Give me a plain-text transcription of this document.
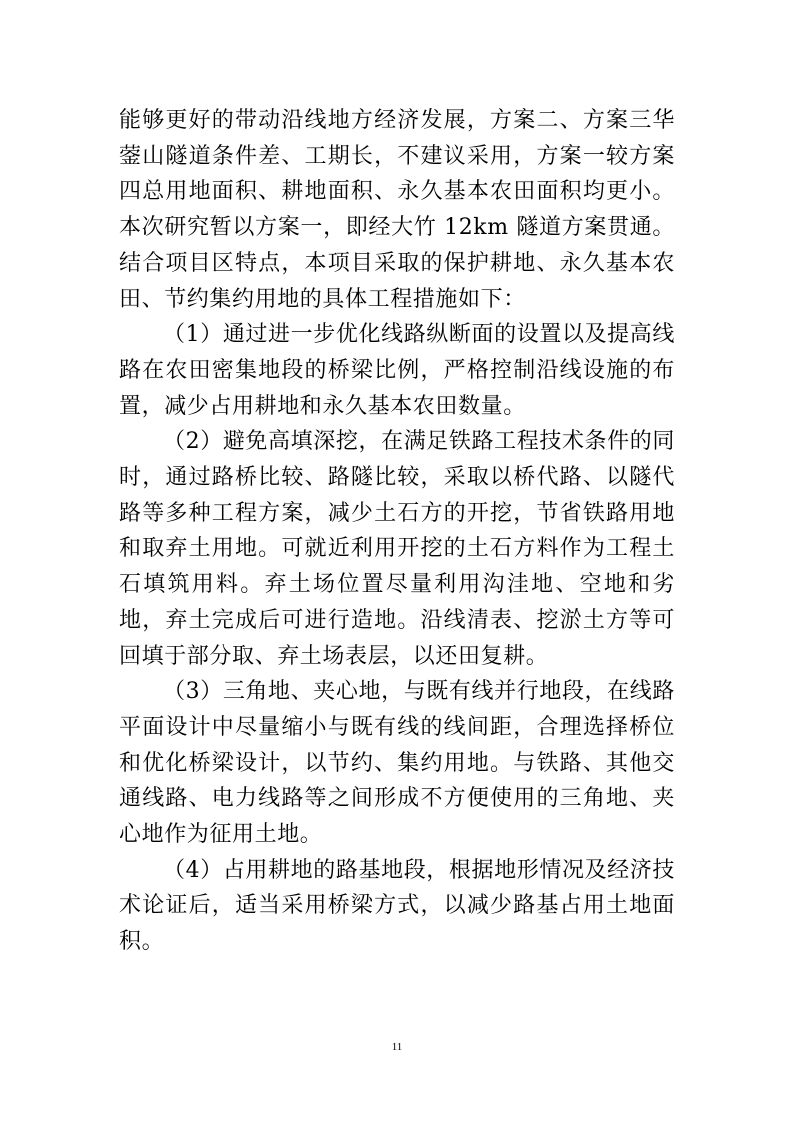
能够更好的带动沿线地方经济发展，方案二、方案三华蓥山隧道条件差、工期长，不建议采用，方案一较方案四总用地面积、耕地面积、永久基本农田面积均更小。本次研究暂以方案一，即经大竹 12km 隧道方案贯通。结合项目区特点，本项目采取的保护耕地、永久基本农田、节约集约用地的具体工程措施如下：

（1）通过进一步优化线路纵断面的设置以及提高线路在农田密集地段的桥梁比例，严格控制沿线设施的布置，减少占用耕地和永久基本农田数量。

（2）避免高填深挖，在满足铁路工程技术条件的同时，通过路桥比较、路隧比较，采取以桥代路、以隧代路等多种工程方案，减少土石方的开挖，节省铁路用地和取弃土用地。可就近利用开挖的土石方料作为工程土石填筑用料。弃土场位置尽量利用沟洼地、空地和劣地，弃土完成后可进行造地。沿线清表、挖淤土方等可回填于部分取、弃土场表层，以还田复耕。

（3）三角地、夹心地，与既有线并行地段，在线路平面设计中尽量缩小与既有线的线间距，合理选择桥位和优化桥梁设计，以节约、集约用地。与铁路、其他交通线路、电力线路等之间形成不方便使用的三角地、夹心地作为征用土地。

（4）占用耕地的路基地段，根据地形情况及经济技术论证后，适当采用桥梁方式，以减少路基占用土地面积。

11
